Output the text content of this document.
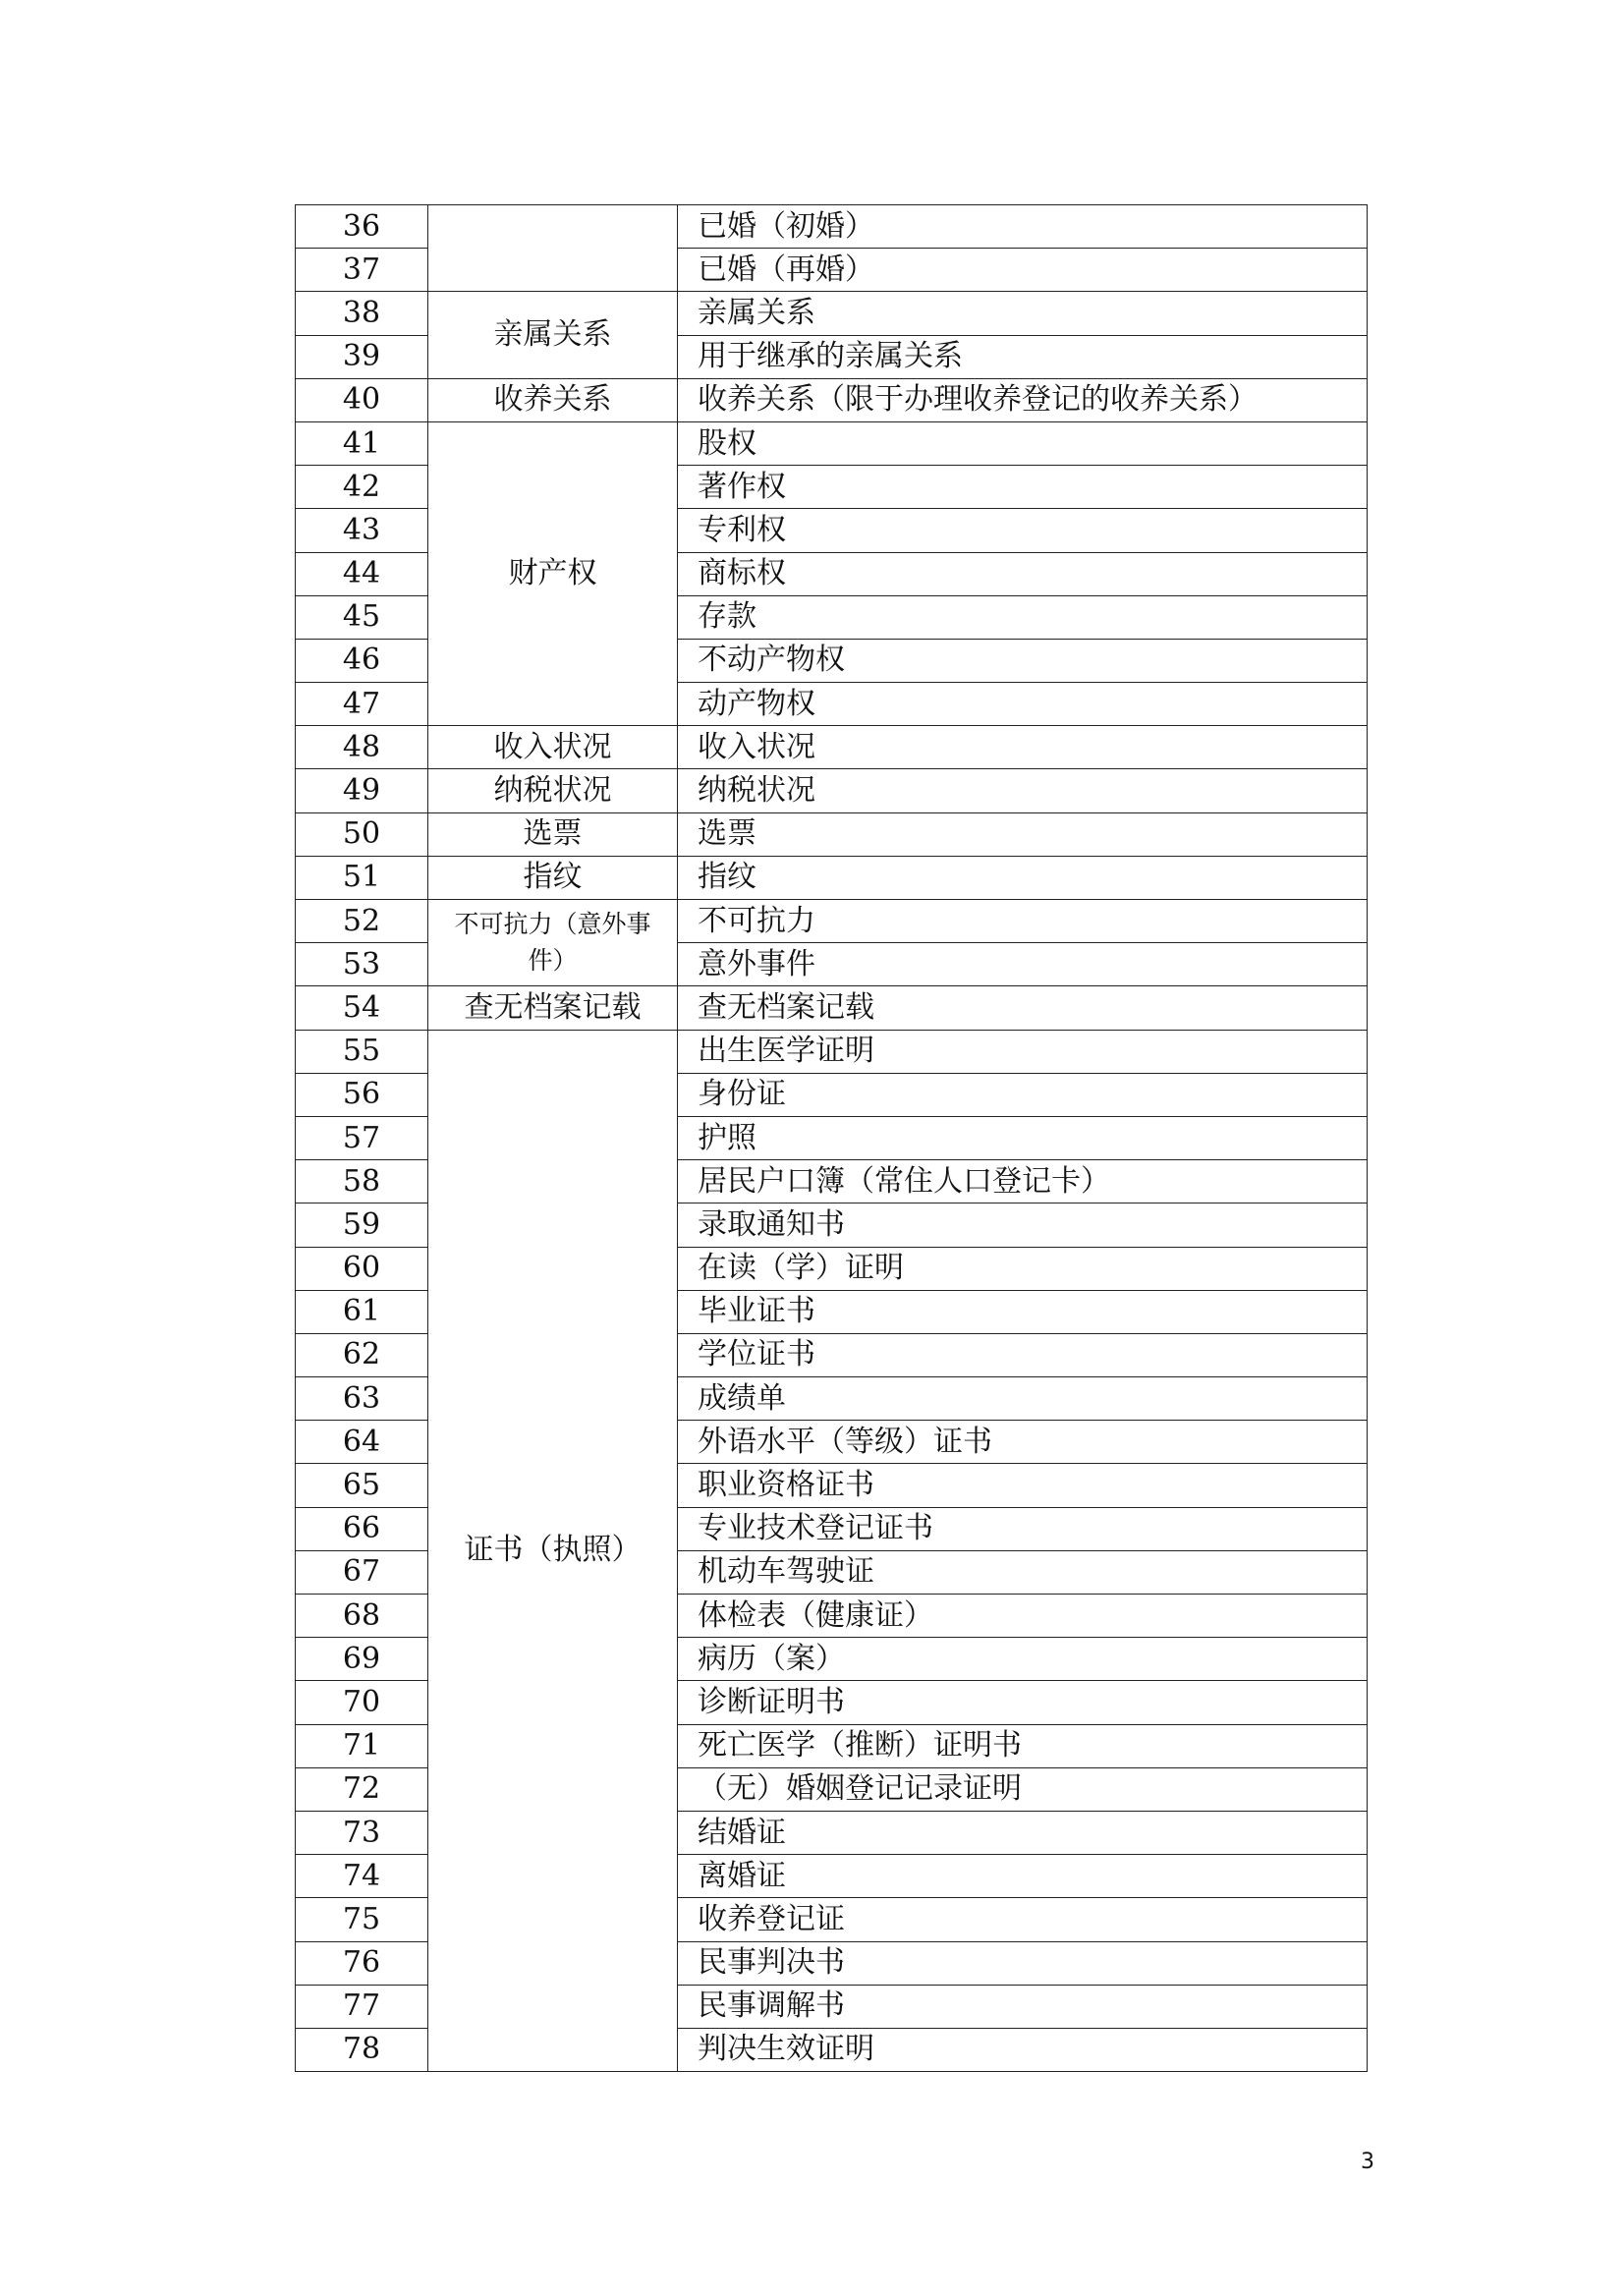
36		已婚（初婚）
37		已婚（再婚）
38	亲属关系	亲属关系
39		用于继承的亲属关系
40	收养关系	收养关系（限于办理收养登记的收养关系）
41	财产权	股权
42		著作权
43		专利权
44		商标权
45		存款
46		不动产物权
47		动产物权
48	收入状况	收入状况
49	纳税状况	纳税状况
50	选票	选票
51	指纹	指纹
52	不可抗力（意外事件）	不可抗力
53		意外事件
54	查无档案记载	查无档案记载
55	证书（执照）	出生医学证明
56		身份证
57		护照
58		居民户口簿（常住人口登记卡）
59		录取通知书
60		在读（学）证明
61		毕业证书
62		学位证书
63		成绩单
64		外语水平（等级）证书
65		职业资格证书
66		专业技术登记证书
67		机动车驾驶证
68		体检表（健康证）
69		病历（案）
70		诊断证明书
71		死亡医学（推断）证明书
72		（无）婚姻登记记录证明
73		结婚证
74		离婚证
75		收养登记证
76		民事判决书
77		民事调解书
78		判决生效证明
3
